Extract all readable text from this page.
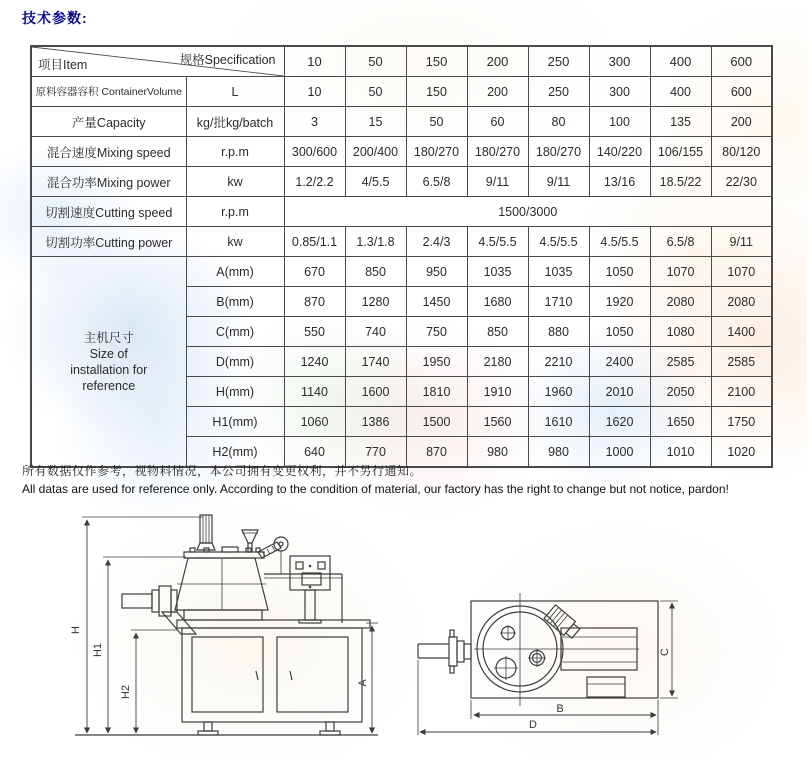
技术参数:
规格Specification
项目Item		10	50	150	200	250	300	400	600
原料容器容积 ContainerVolume	L	10	50	150	200	250	300	400	600
产量Capacity	kg/批kg/batch	3	15	50	60	80	100	135	200
混合速度Mixing speed	r.p.m	300/600	200/400	180/270	180/270	180/270	140/220	106/155	80/120
混合功率Mixing power	kw	1.2/2.2	4/5.5	6.5/8	9/11	9/11	13/16	18.5/22	22/30
切割速度Cutting speed	r.p.m	1500/3000							
切割功率Cutting power	kw	0.85/1.1	1.3/1.8	2.4/3	4.5/5.5	4.5/5.5	4.5/5.5	6.5/8	9/11

主机尺寸
Size of
installation for
reference	A(mm)	670	850	950	1035	1035	1050	1070	1070
	B(mm)	870	1280	1450	1680	1710	1920	2080	2080
	C(mm)	550	740	750	850	880	1050	1080	1400
	D(mm)	1240	1740	1950	2180	2210	2400	2585	2585
	H(mm)	1140	1600	1810	1910	1960	2010	2050	2100
	H1(mm)	1060	1386	1500	1560	1610	1620	1650	1750
	H2(mm)	640	770	870	980	980	1000	1010	1020
所有数据仅作参考，视物料情况，本公司拥有变更权利，并不另行通知。
All datas are used for reference only. According to the condition of material, our factory has the right to change but not notice, pardon!
H
H1
H2
A
C
B
D
